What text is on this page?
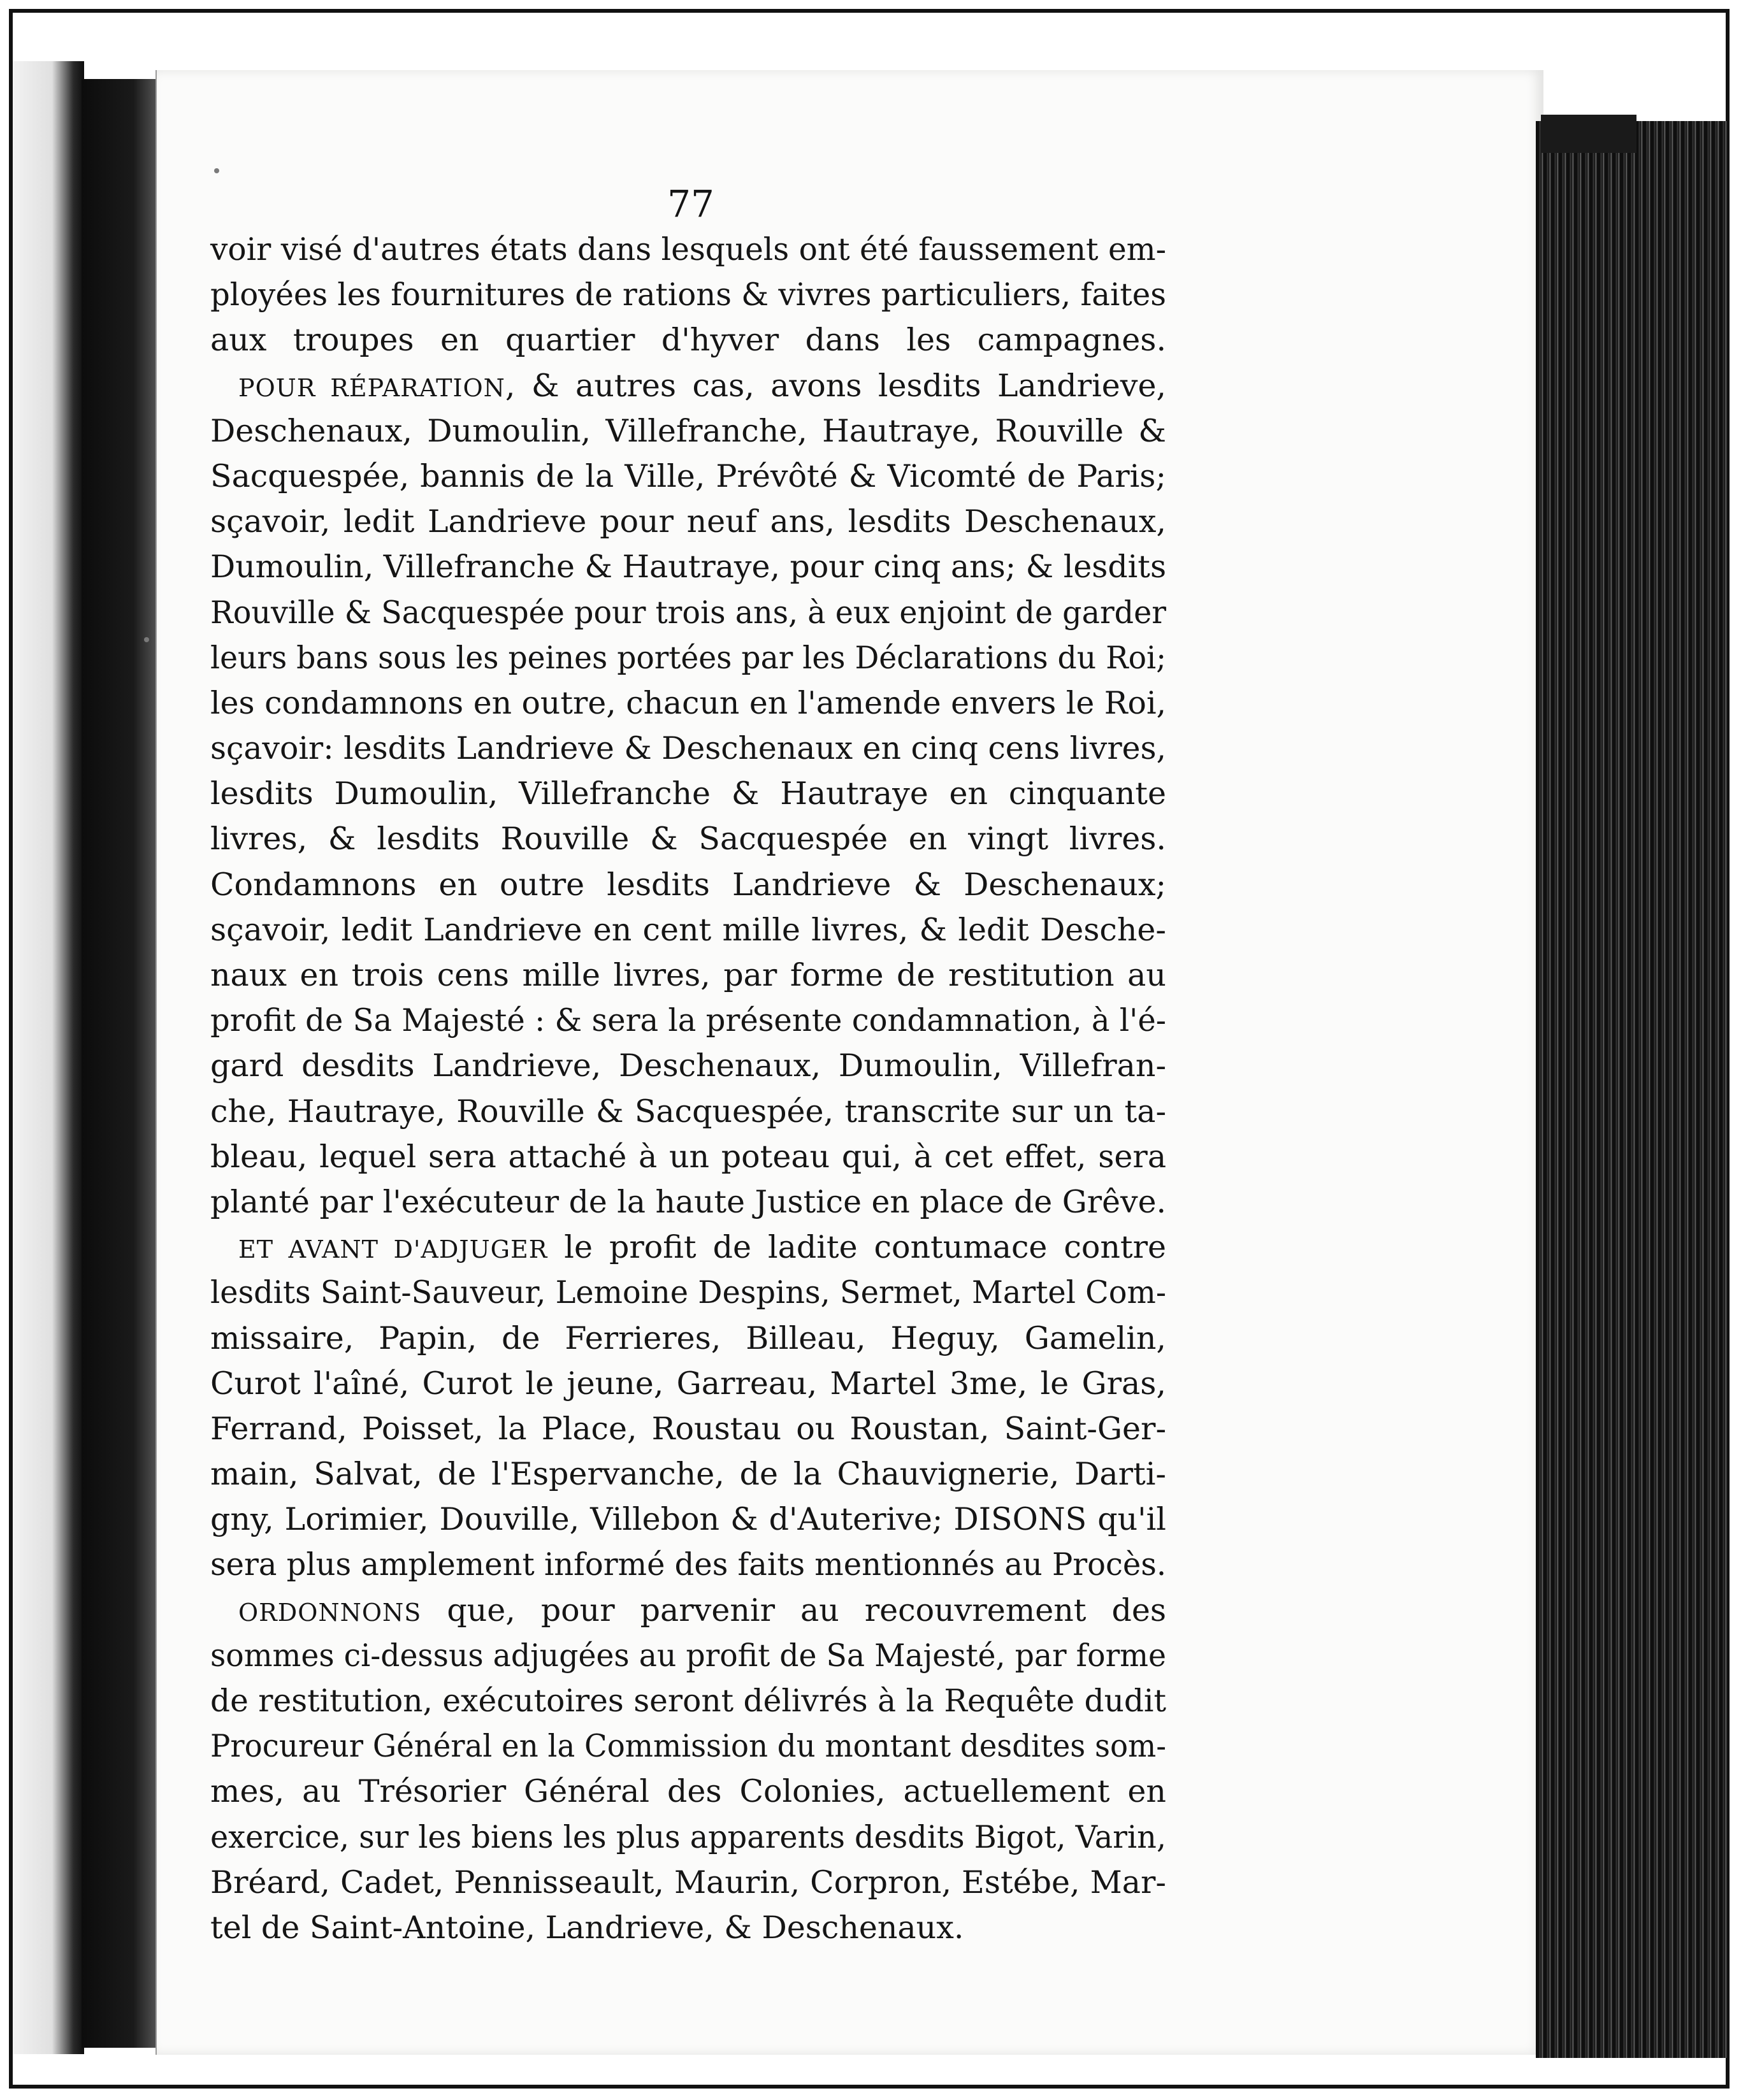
77
voir visé d'autres états dans lesquels ont été faussement em-
ployées les fournitures de rations & vivres particuliers, faites
aux troupes en quartier d'hyver dans les campagnes.
POUR RÉPARATION, & autres cas, avons lesdits Landrieve,
Deschenaux, Dumoulin, Villefranche, Hautraye, Rouville &
Sacquespée, bannis de la Ville, Prévôté & Vicomté de Paris;
sçavoir, ledit Landrieve pour neuf ans, lesdits Deschenaux,
Dumoulin, Villefranche & Hautraye, pour cinq ans; & lesdits
Rouville & Sacquespée pour trois ans, à eux enjoint de garder
leurs bans sous les peines portées par les Déclarations du Roi;
les condamnons en outre, chacun en l'amende envers le Roi,
sçavoir: lesdits Landrieve & Deschenaux en cinq cens livres,
lesdits Dumoulin, Villefranche & Hautraye en cinquante
livres, & lesdits Rouville & Sacquespée en vingt livres.
Condamnons en outre lesdits Landrieve & Deschenaux;
sçavoir, ledit Landrieve en cent mille livres, & ledit Desche-
naux en trois cens mille livres, par forme de restitution au
profit de Sa Majesté : & sera la présente condamnation, à l'é-
gard desdits Landrieve, Deschenaux, Dumoulin, Villefran-
che, Hautraye, Rouville & Sacquespée, transcrite sur un ta-
bleau, lequel sera attaché à un poteau qui, à cet effet, sera
planté par l'exécuteur de la haute Justice en place de Grêve.
ET AVANT D'ADJUGER le profit de ladite contumace contre
lesdits Saint-Sauveur, Lemoine Despins, Sermet, Martel Com-
missaire, Papin, de Ferrieres, Billeau, Heguy, Gamelin,
Curot l'aîné, Curot le jeune, Garreau, Martel 3me, le Gras,
Ferrand, Poisset, la Place, Roustau ou Roustan, Saint-Ger-
main, Salvat, de l'Espervanche, de la Chauvignerie, Darti-
gny, Lorimier, Douville, Villebon & d'Auterive; DISONS qu'il
sera plus amplement informé des faits mentionnés au Procès.
ORDONNONS que, pour parvenir au recouvrement des
sommes ci-dessus adjugées au profit de Sa Majesté, par forme
de restitution, exécutoires seront délivrés à la Requête dudit
Procureur Général en la Commission du montant desdites som-
mes, au Trésorier Général des Colonies, actuellement en
exercice, sur les biens les plus apparents desdits Bigot, Varin,
Bréard, Cadet, Pennisseault, Maurin, Corpron, Estébe, Mar-
tel de Saint-Antoine, Landrieve, & Deschenaux.
